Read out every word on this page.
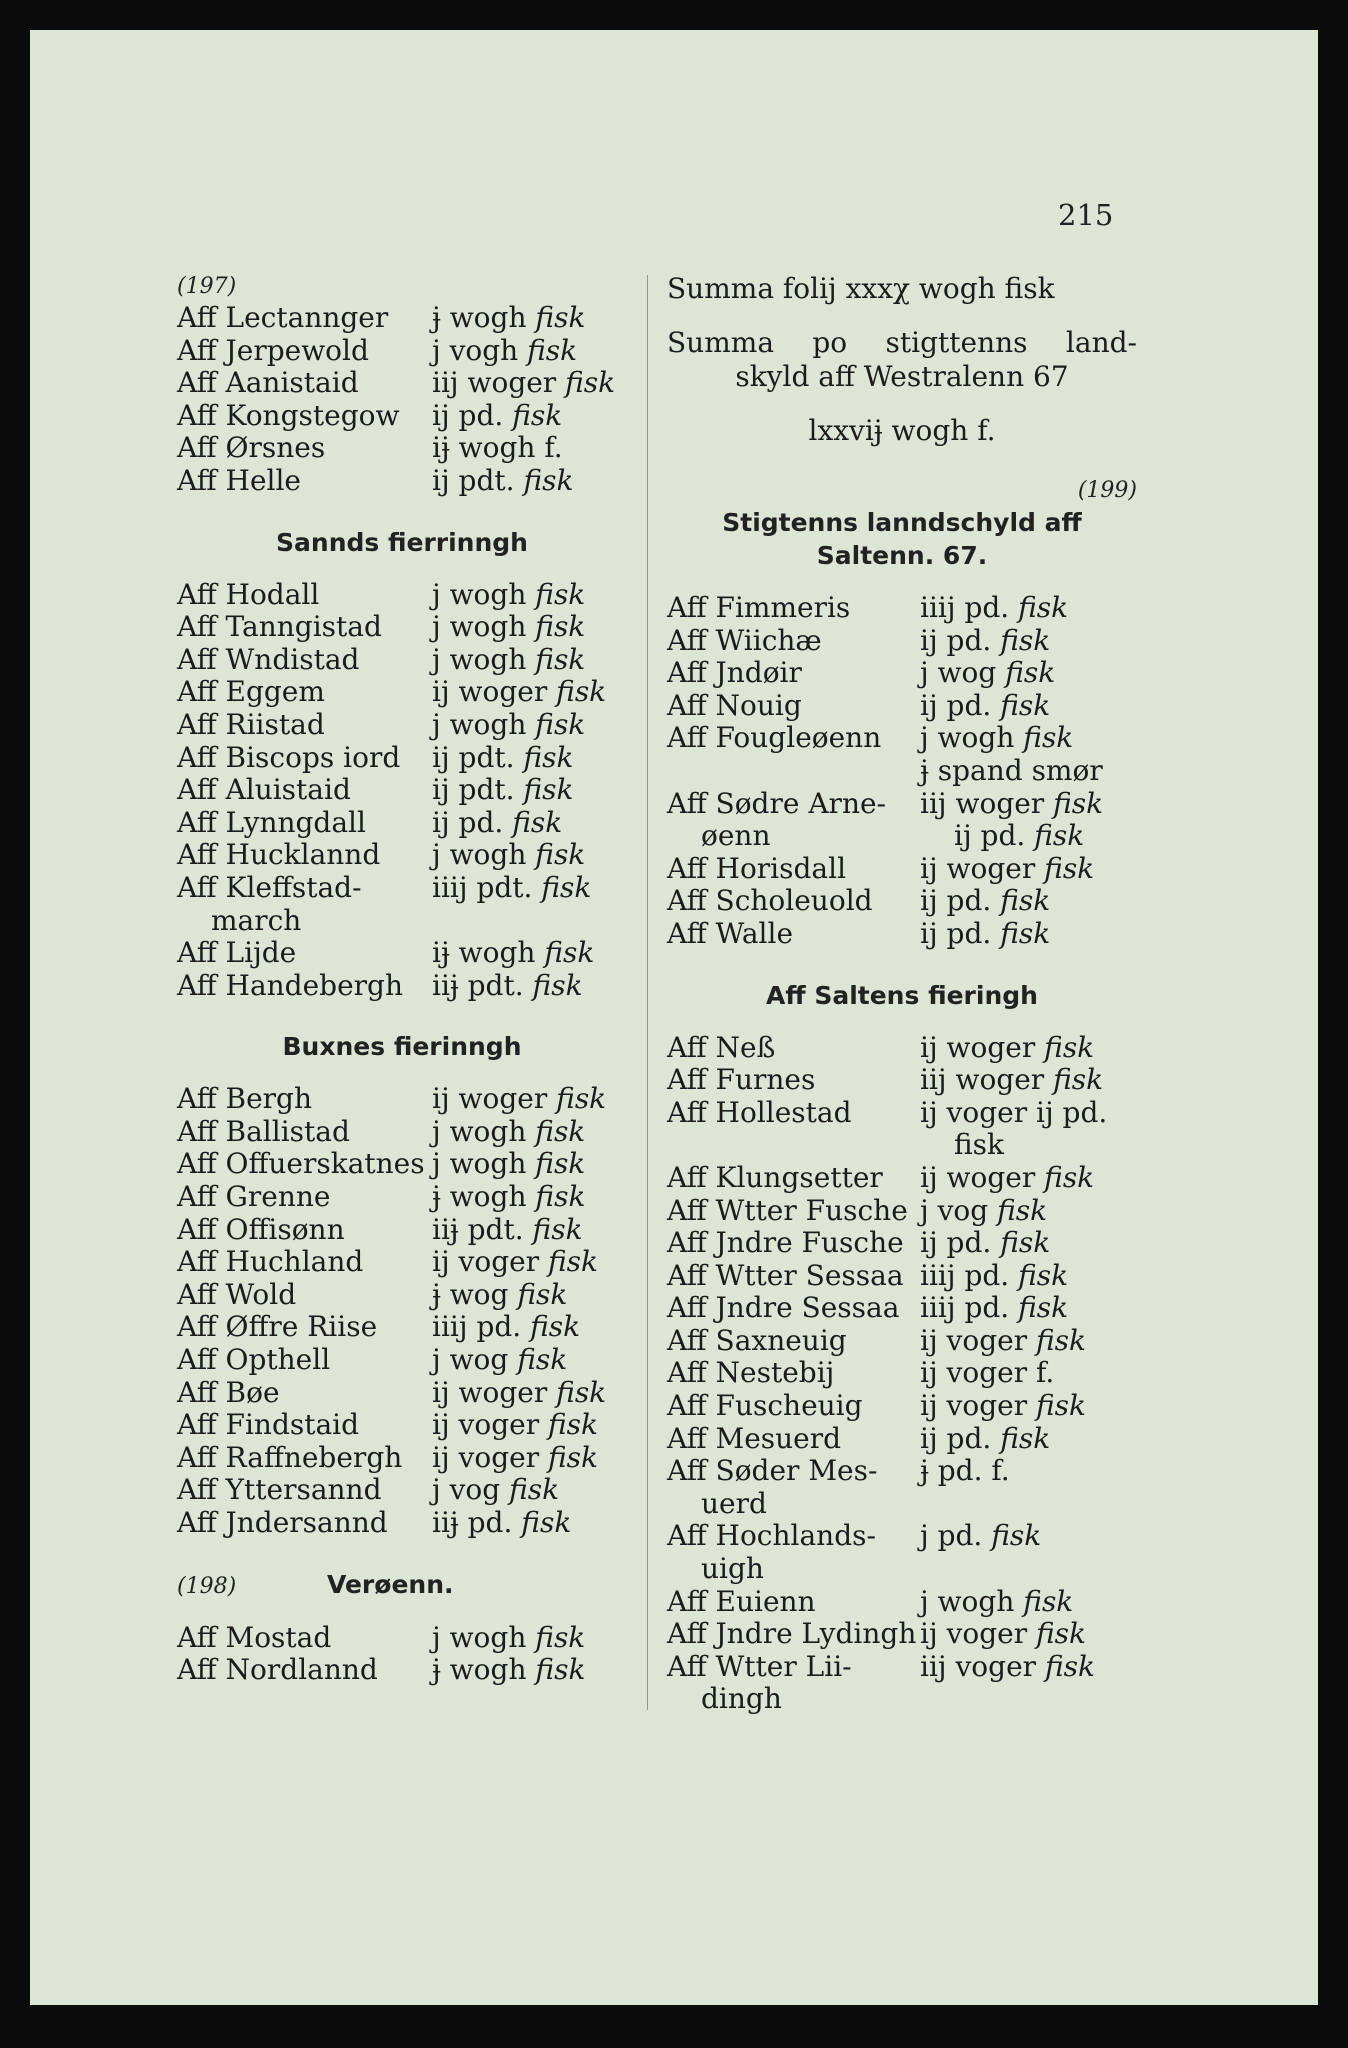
215
(197)
Aff Lectannger	ɉ wogh fisk
Aff Jerpewold	j vogh fisk
Aff Aanistaid	iij woger fisk
Aff Kongstegow	ij pd. fisk
Aff Ørsnes	iɉ wogh f.
Aff Helle	ij pdt. fisk
Sannds fierrinngh
Aff Hodall	j wogh fisk
Aff Tanngistad	j wogh fisk
Aff Wndistad	j wogh fisk
Aff Eggem	ij woger fisk
Aff Riistad	j wogh fisk
Aff Biscops iord	ij pdt. fisk
Aff Aluistaid	ij pdt. fisk
Aff Lynngdall	ij pd. fisk
Aff Hucklannd	j wogh fisk
Aff Kleffstad-	iiij pdt. fisk
march
Aff Lijde	iɉ wogh fisk
Aff Handebergh	iiɉ pdt. fisk
Buxnes fierinngh
Aff Bergh	ij woger fisk
Aff Ballistad	j wogh fisk
Aff Offuerskatnes j wogh fisk
Aff Grenne	ɉ wogh fisk
Aff Offisønn	iiɉ pdt. fisk
Aff Huchland	ij voger fisk
Aff Wold	ɉ wog fisk
Aff Øffre Riise	iiij pd. fisk
Aff Opthell	j wog fisk
Aff Bøe	ij woger fisk
Aff Findstaid	ij voger fisk
Aff Raffnebergh	ij voger fisk
Aff Yttersannd	j vog fisk
Aff Jndersannd	iiɉ pd. fisk
(198)	Verøenn.
Aff Mostad	j wogh fisk
Aff Nordlannd	ɉ wogh fisk
Summa folij xxxχ wogh fisk
Summa po stigttenns land-
skyld aff Westralenn 67
lxxviɉ wogh f.
(199)
Stigtenns lanndschyld aff
Saltenn. 67.
Aff Fimmeris	iiij pd. fisk
Aff Wiichæ	ij pd. fisk
Aff Jndøir	j wog fisk
Aff Nouig	ij pd. fisk
Aff Fougleøenn	j wogh fisk
ɉ spand smør
Aff Sødre Arne-	iij woger fisk
øenn	ij pd. fisk
Aff Horisdall	ij woger fisk
Aff Scholeuold	ij pd. fisk
Aff Walle	ij pd. fisk
Aff Saltens fieringh
Aff Neß	ij woger fisk
Aff Furnes	iij woger fisk
Aff Hollestad	ij voger ij pd.
fisk
Aff Klungsetter	ij woger fisk
Aff Wtter Fusche j vog fisk
Aff Jndre Fusche ij pd. fisk
Aff Wtter Sessaa iiij pd. fisk
Aff Jndre Sessaa iiij pd. fisk
Aff Saxneuig	ij voger fisk
Aff Nestebij	ij voger f.
Aff Fuscheuig	ij voger fisk
Aff Mesuerd	ij pd. fisk
Aff Søder Mes-	ɉ pd. f.
uerd
Aff Hochlands-	j pd. fisk
uigh
Aff Euienn	j wogh fisk
Aff Jndre Lydingh ij voger fisk
Aff Wtter Lii-	iij voger fisk
dingh
